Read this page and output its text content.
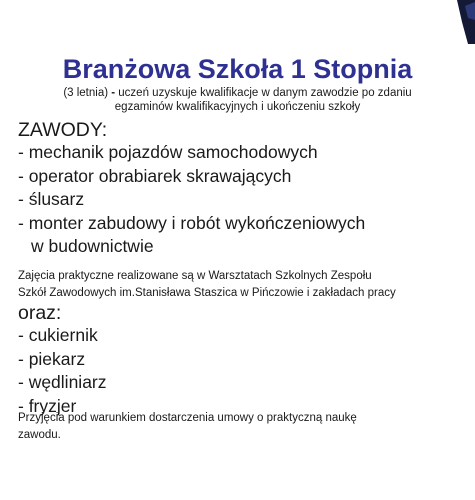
Branżowa Szkoła 1 Stopnia
(3 letnia) - uczeń uzyskuje kwalifikacje w danym zawodzie po zdaniu
egzaminów kwalifikacyjnych i ukończeniu szkoły
ZAWODY:
- mechanik pojazdów samochodowych
- operator obrabiarek skrawających
- ślusarz
- monter zabudowy i robót wykończeniowych
w budownictwie
Zajęcia praktyczne realizowane są w Warsztatach Szkolnych Zespołu
Szkół Zawodowych im.Stanisława Staszica w Pińczowie i zakładach pracy
oraz:
- cukiernik
- piekarz
- wędliniarz
- fryzjer
Przyjęcia pod warunkiem dostarczenia umowy o praktyczną naukę
zawodu.
